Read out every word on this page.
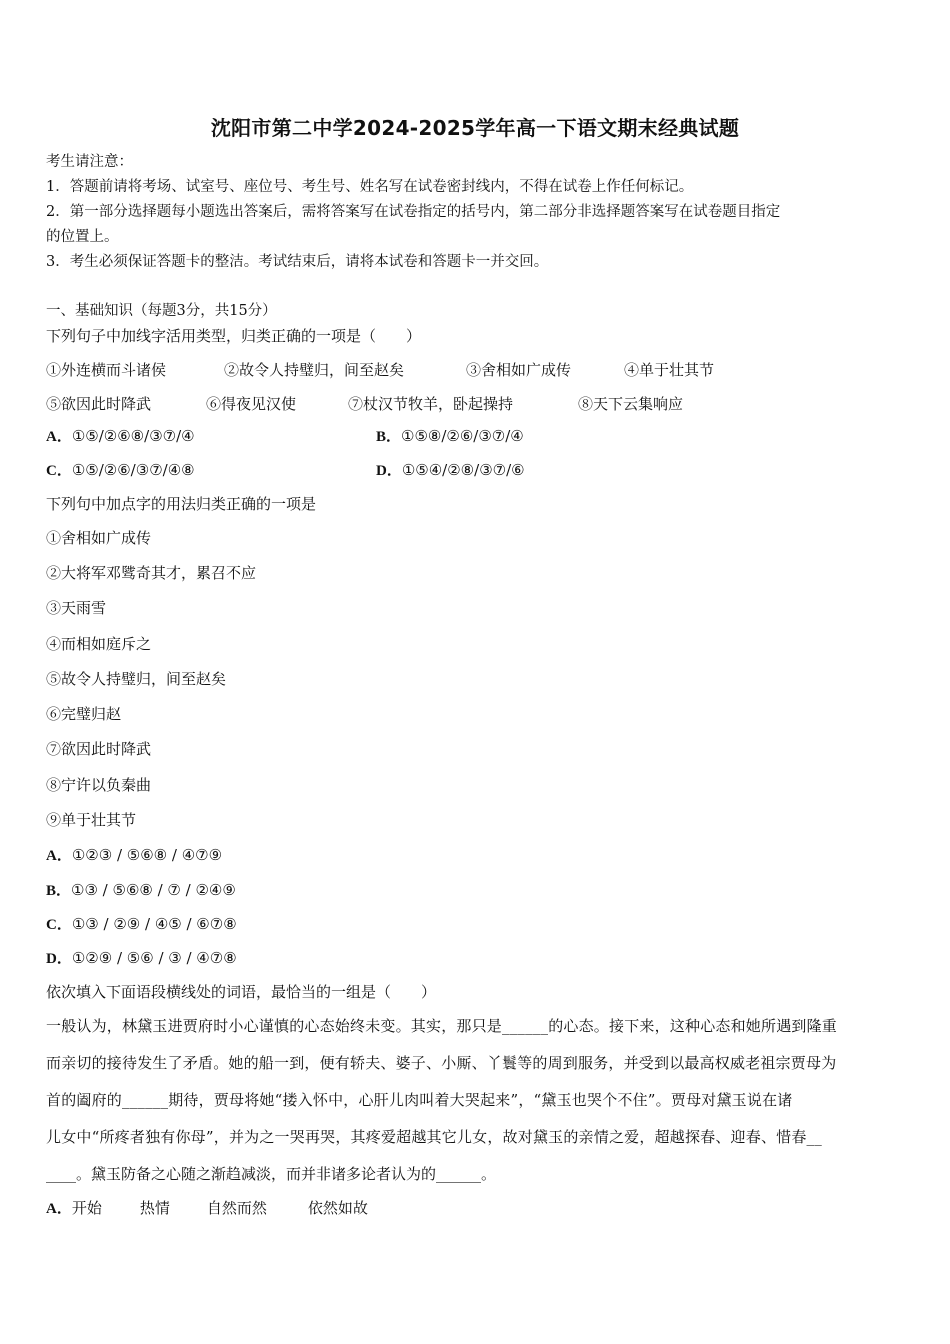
沈阳市第二中学2024-2025学年高一下语文期末经典试题
考生请注意：
1．答题前请将考场、试室号、座位号、考生号、姓名写在试卷密封线内，不得在试卷上作任何标记。
2．第一部分选择题每小题选出答案后，需将答案写在试卷指定的括号内，第二部分非选择题答案写在试卷题目指定
的位置上。
3．考生必须保证答题卡的整洁。考试结束后，请将本试卷和答题卡一并交回。
一、基础知识（每题3分，共15分）
下列句子中加线字活用类型，归类正确的一项是（　　）
①外连横而斗诸侯	②故令人持璧归，间至赵矣	③舍相如广成传	④单于壮其节
⑤欲因此时降武	⑥得夜见汉使	⑦杖汉节牧羊，卧起操持	⑧天下云集响应
A．①⑤/②⑥⑧/③⑦/④	B．①⑤⑧/②⑥/③⑦/④
C．①⑤/②⑥/③⑦/④⑧	D．①⑤④/②⑧/③⑦/⑥
下列句中加点字的用法归类正确的一项是
①舍相如广成传
②大将军邓骘奇其才，累召不应
③天雨雪
④而相如庭斥之
⑤故令人持璧归，间至赵矣
⑥完璧归赵
⑦欲因此时降武
⑧宁许以负秦曲
⑨单于壮其节
A．①②③ / ⑤⑥⑧ / ④⑦⑨
B．①③ / ⑤⑥⑧ / ⑦ / ②④⑨
C．①③ / ②⑨ / ④⑤ / ⑥⑦⑧
D．①②⑨ / ⑤⑥ / ③ / ④⑦⑧
依次填入下面语段横线处的词语，最恰当的一组是（　　）
一般认为，林黛玉进贾府时小心谨慎的心态始终未变。其实，那只是______的心态。接下来，这种心态和她所遇到隆重
而亲切的接待发生了矛盾。她的船一到，便有轿夫、婆子、小厮、丫鬟等的周到服务，并受到以最高权威老祖宗贾母为
首的阖府的______期待，贾母将她“搂入怀中，心肝儿肉叫着大哭起来”，“黛玉也哭个不住”。贾母对黛玉说在诸
儿女中“所疼者独有你母”，并为之一哭再哭，其疼爱超越其它儿女，故对黛玉的亲情之爱，超越探春、迎春、惜春__
____。黛玉防备之心随之渐趋减淡，而并非诸多论者认为的______。
A．开始	热情 自然而然	依然如故
